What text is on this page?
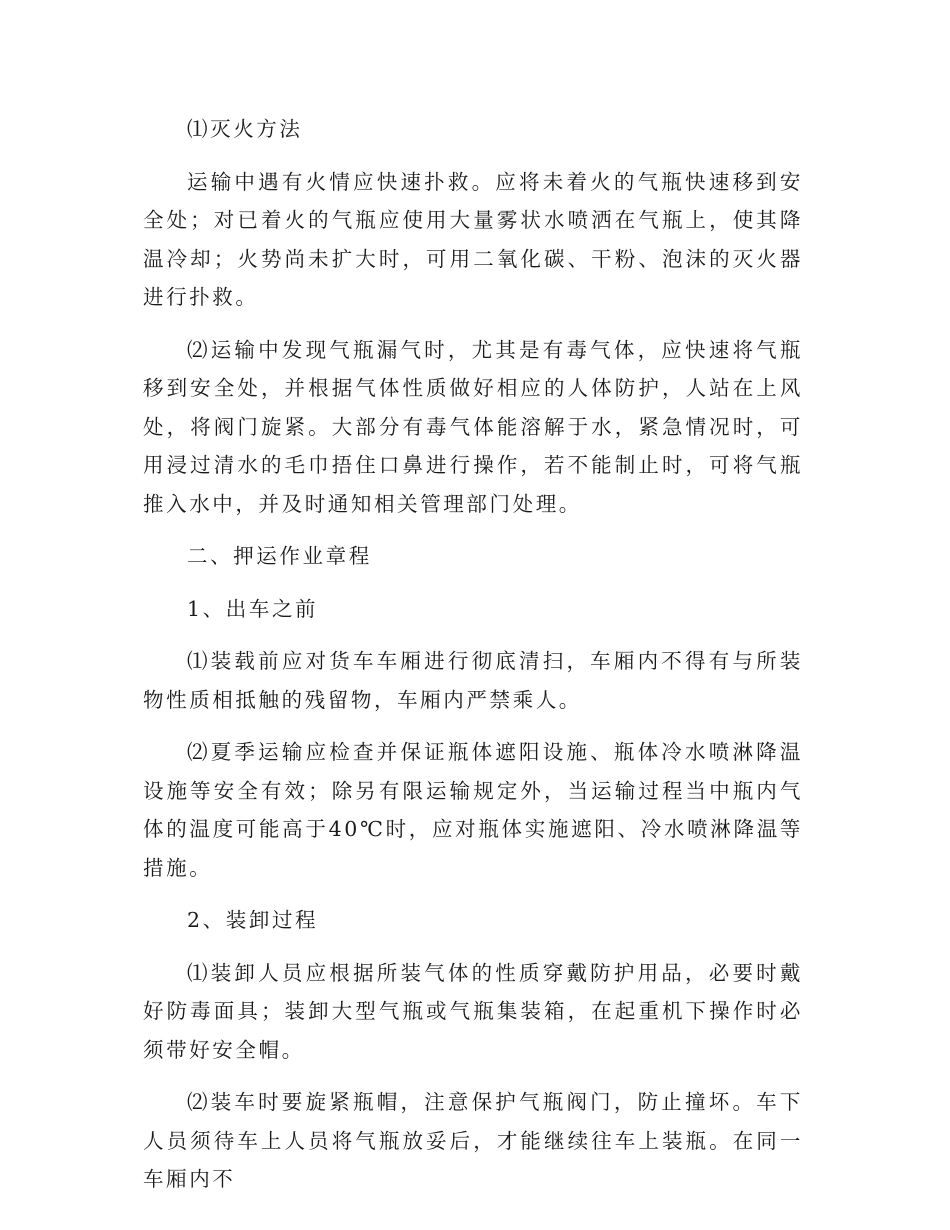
⑴灭火方法

运输中遇有火情应快速扑救。应将未着火的气瓶快速移到安全处；对已着火的气瓶应使用大量雾状水喷洒在气瓶上，使其降温冷却；火势尚未扩大时，可用二氧化碳、干粉、泡沫的灭火器进行扑救。

⑵运输中发现气瓶漏气时，尤其是有毒气体，应快速将气瓶移到安全处，并根据气体性质做好相应的人体防护，人站在上风处，将阀门旋紧。大部分有毒气体能溶解于水，紧急情况时，可用浸过清水的毛巾捂住口鼻进行操作，若不能制止时，可将气瓶推入水中，并及时通知相关管理部门处理。

二、押运作业章程

1、出车之前

⑴装载前应对货车车厢进行彻底清扫，车厢内不得有与所装物性质相抵触的残留物，车厢内严禁乘人。

⑵夏季运输应检查并保证瓶体遮阳设施、瓶体冷水喷淋降温设施等安全有效；除另有限运输规定外，当运输过程当中瓶内气体的温度可能高于40℃时，应对瓶体实施遮阳、冷水喷淋降温等措施。

2、装卸过程

⑴装卸人员应根据所装气体的性质穿戴防护用品，必要时戴好防毒面具；装卸大型气瓶或气瓶集装箱，在起重机下操作时必须带好安全帽。

⑵装车时要旋紧瓶帽，注意保护气瓶阀门，防止撞坏。车下人员须待车上人员将气瓶放妥后，才能继续往车上装瓶。在同一车厢内不
